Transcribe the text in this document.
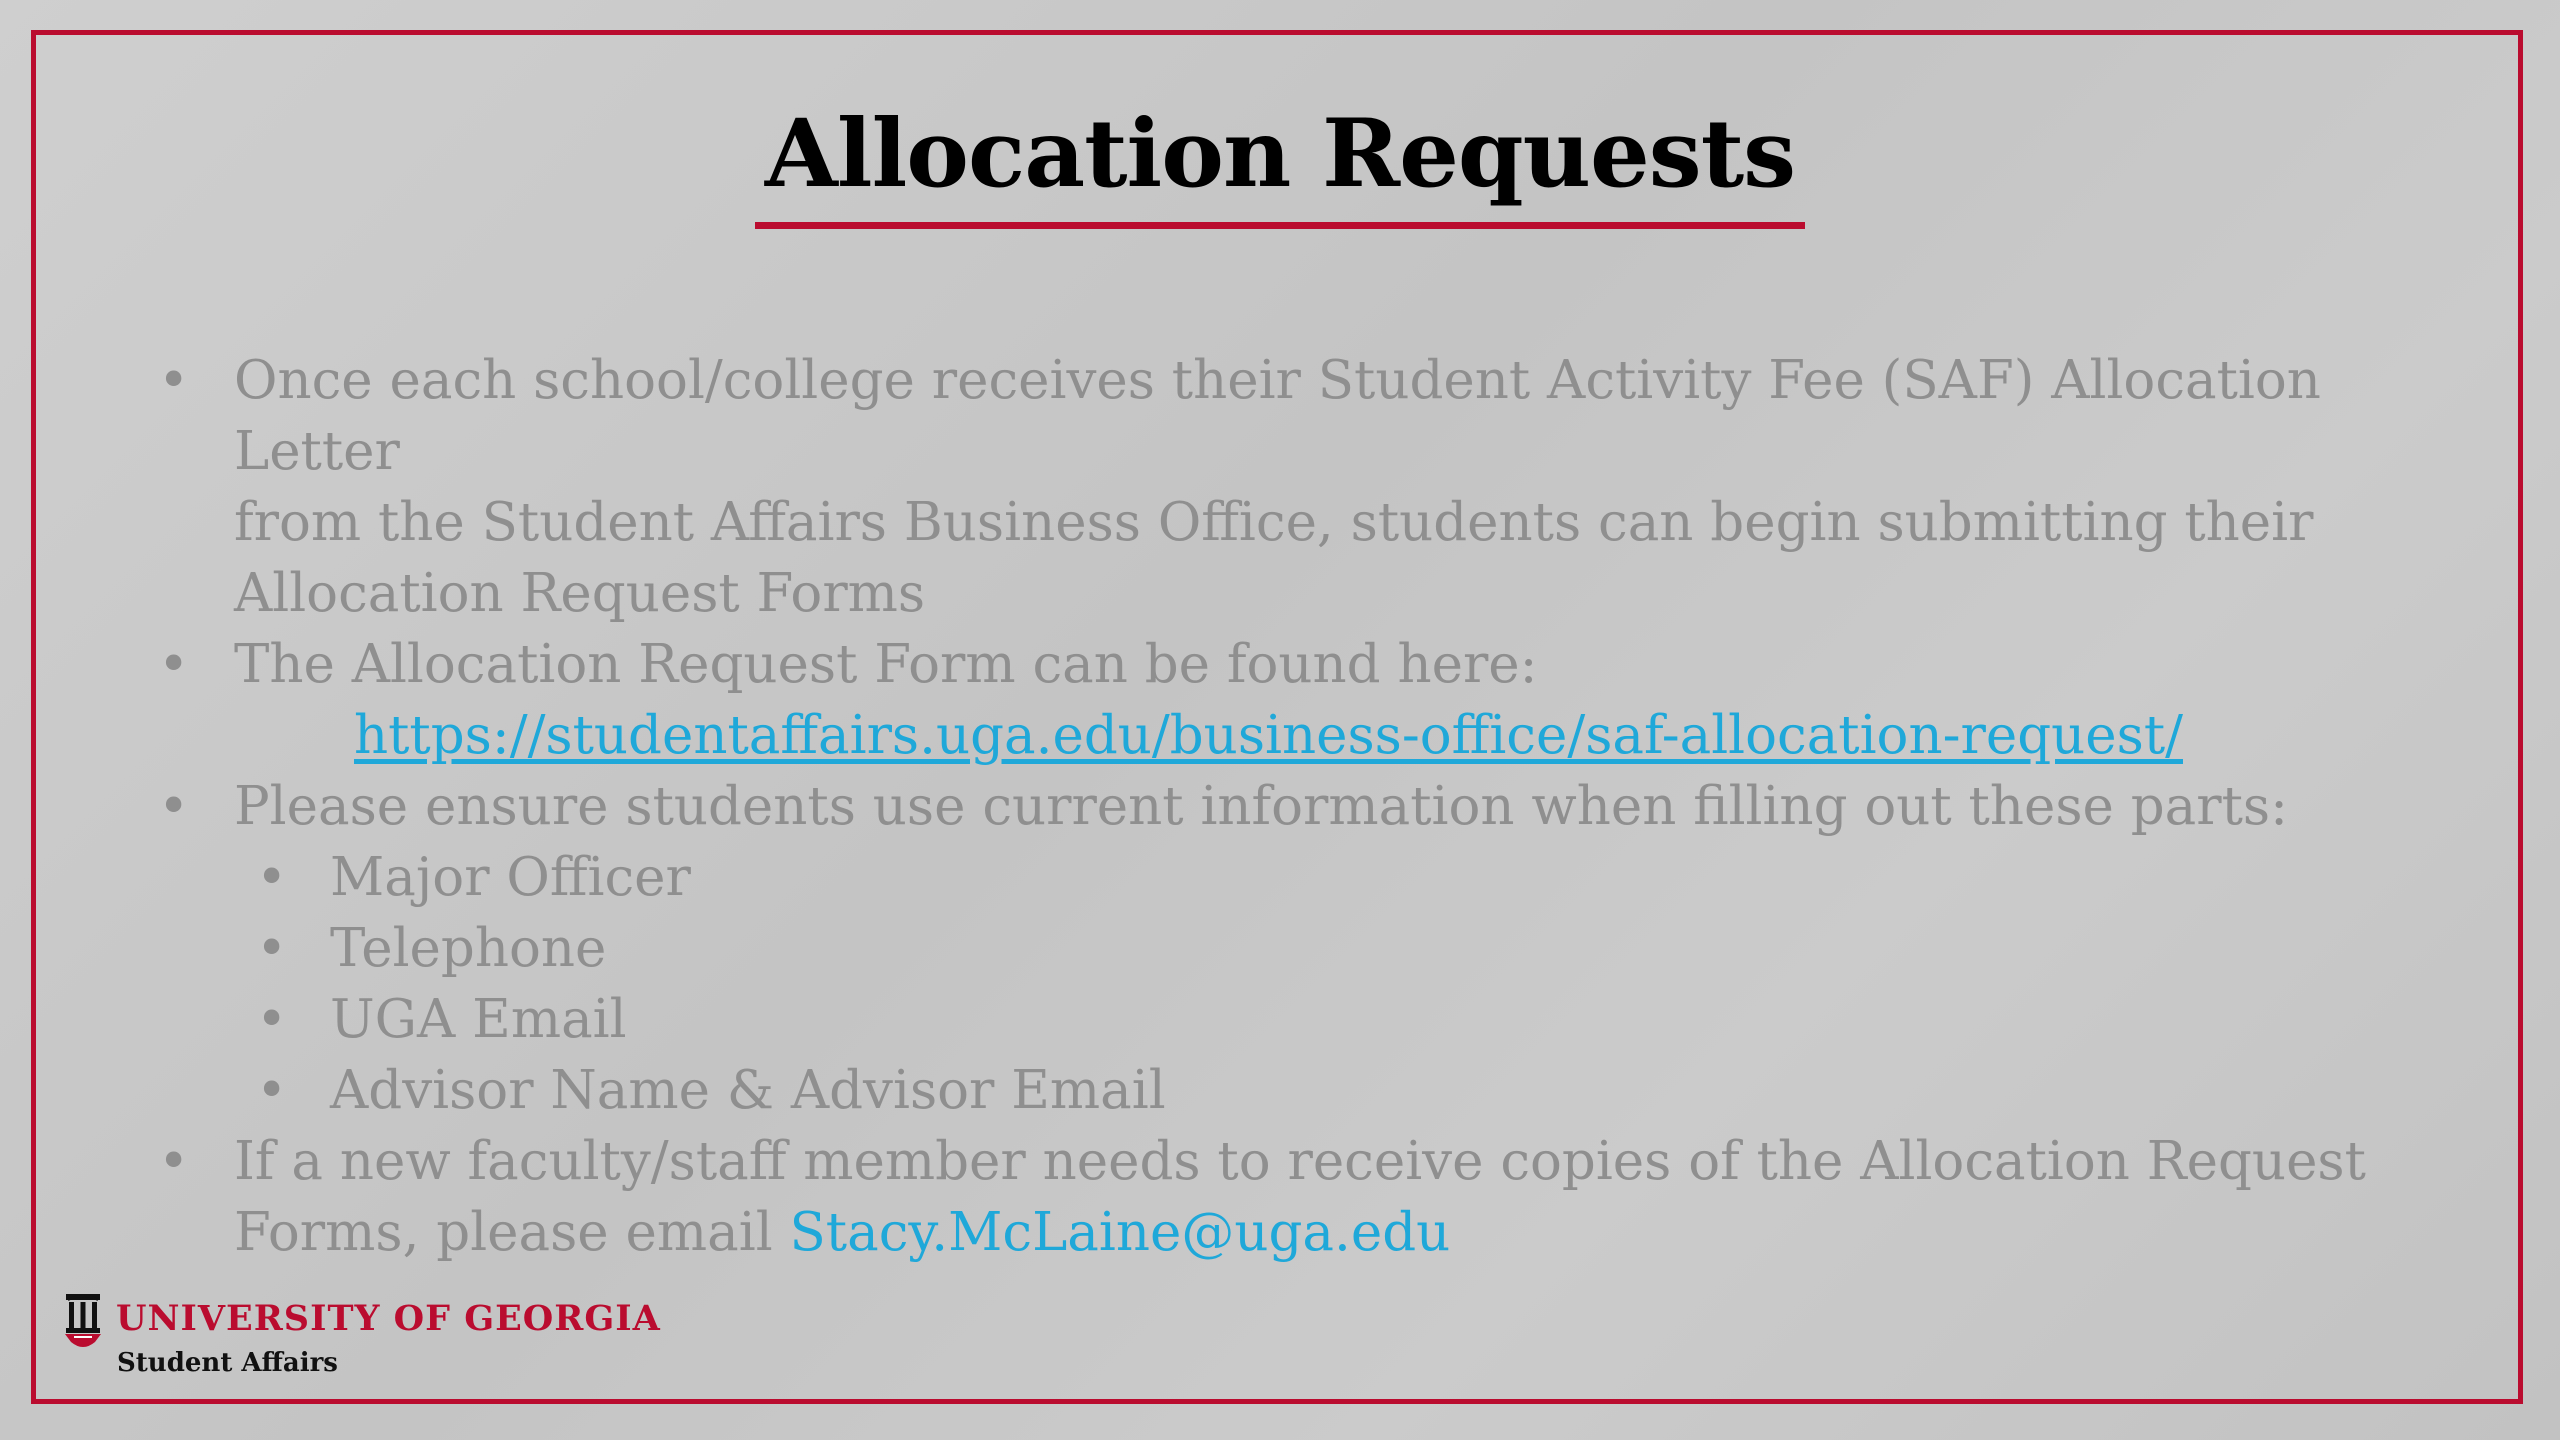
Allocation Requests
• Once each school/college receives their Student Activity Fee (SAF) Allocation Letter
from the Student Affairs Business Office, students can begin submitting their
Allocation Request Forms
• The Allocation Request Form can be found here:
https://studentaffairs.uga.edu/business-office/saf-allocation-request/
• Please ensure students use current information when filling out these parts:
• Major Officer
• Telephone
• UGA Email
• Advisor Name & Advisor Email
• If a new faculty/staff member needs to receive copies of the Allocation Request
Forms, please email Stacy.McLaine@uga.edu
UNIVERSITY OF GEORGIA
Student Affairs
